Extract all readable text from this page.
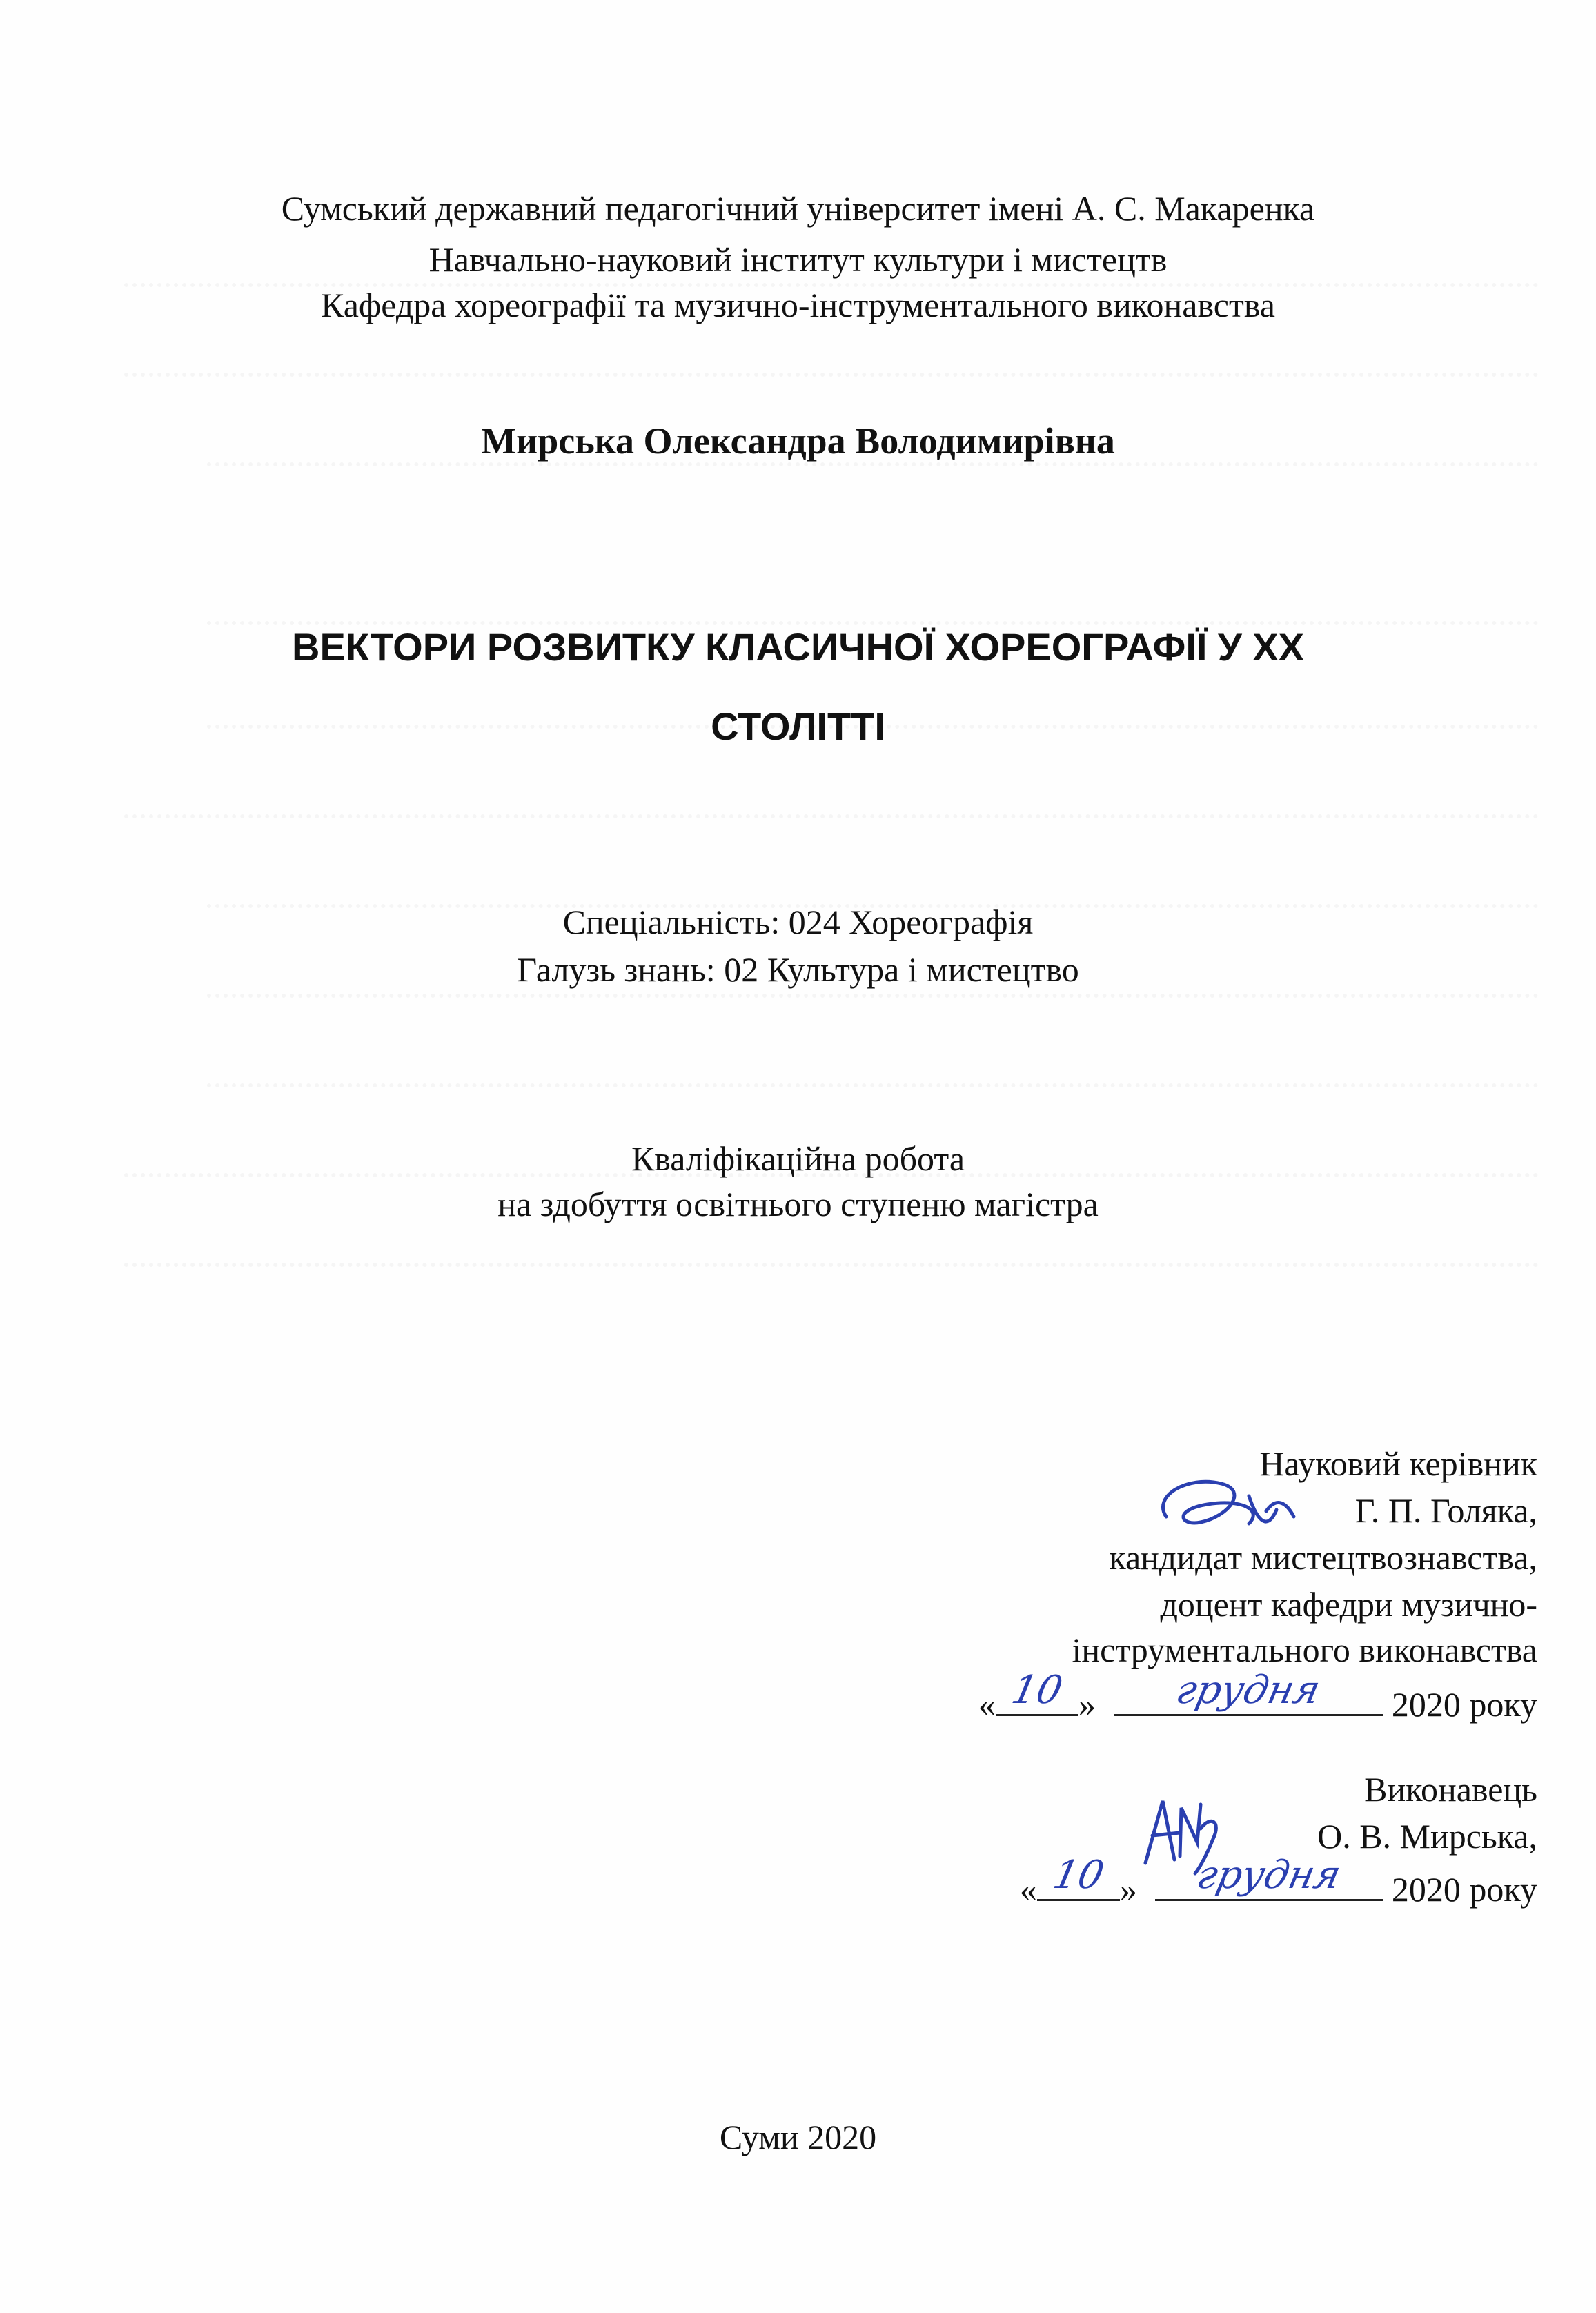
Сумський державний педагогічний університет імені А. С. Макаренка
Навчально-науковий інститут культури і мистецтв
Кафедра хореографії та музично-інструментального виконавства
Мирська Олександра Володимирівна
ВЕКТОРИ РОЗВИТКУ КЛАСИЧНОЇ ХОРЕОГРАФІЇ У ХХ
СТОЛІТТІ
Спеціальність: 024 Хореографія
Галузь знань: 02 Культура і мистецтво
Кваліфікаційна робота
на здобуття освітнього ступеню магістра
Науковий керівник
Г. П. Голяка,
кандидат мистецтвознавства,
доцент кафедри музично-
інструментального виконавства
« 10 »	грудня	2020 року
Виконавець
О. В. Мирська,
« 10 »	грудня	2020 року
Суми 2020
